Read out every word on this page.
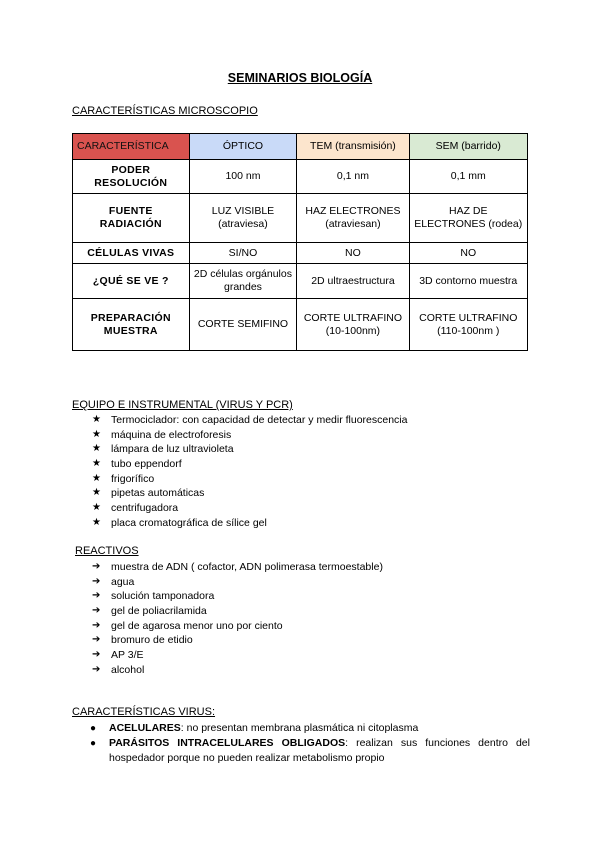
SEMINARIOS BIOLOGÍA
CARACTERÍSTICAS MICROSCOPIO
CARACTERÍSTICA	ÓPTICO	TEM (transmisión)	SEM (barrido)
PODER RESOLUCIÓN	100 nm	0,1 nm	0,1 mm
FUENTE RADIACIÓN	LUZ VISIBLE (atraviesa)	HAZ ELECTRONES (atraviesan)	HAZ DE ELECTRONES (rodea)
CÉLULAS VIVAS	SI/NO	NO	NO
¿QUÉ SE VE ?	2D células orgánulos grandes	2D ultraestructura	3D contorno muestra
PREPARACIÓN MUESTRA	CORTE SEMIFINO	CORTE ULTRAFINO (10-100nm)	CORTE ULTRAFINO (110-100nm )
EQUIPO E INSTRUMENTAL (VIRUS Y PCR)
★ Termociclador: con capacidad de detectar y medir fluorescencia
★ máquina de electroforesis
★ lámpara de luz ultravioleta
★ tubo eppendorf
★ frigorífico
★ pipetas automáticas
★ centrifugadora
★ placa cromatográfica de sílice gel
REACTIVOS
➔	muestra de ADN ( cofactor, ADN polimerasa termoestable)
➔	agua
➔	solución tamponadora
➔	gel de poliacrilamida
➔	gel de agarosa menor uno por ciento
➔	bromuro de etidio
➔	AP 3/E
➔	alcohol
CARACTERÍSTICAS VIRUS:
● ACELULARES: no presentan membrana plasmática ni citoplasma
● PARÁSITOS INTRACELULARES OBLIGADOS: realizan sus funciones dentro del hospedador porque no pueden realizar metabolismo propio
